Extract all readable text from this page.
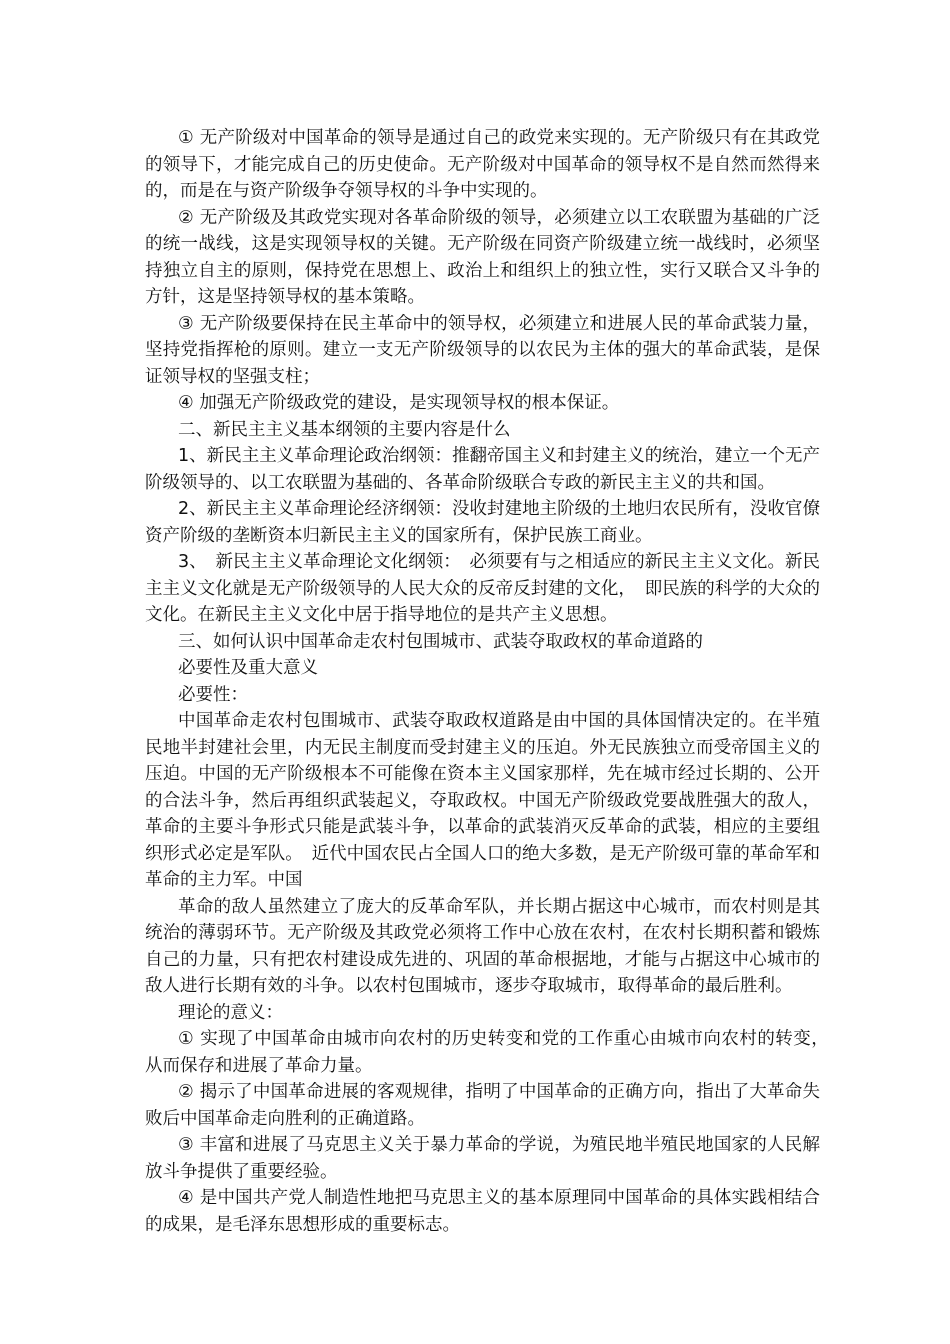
① 无产阶级对中国革命的领导是通过自己的政党来实现的。无产阶级只有在其政党的领导下，才能完成自己的历史使命。无产阶级对中国革命的领导权不是自然而然得来的，而是在与资产阶级争夺领导权的斗争中实现的。

② 无产阶级及其政党实现对各革命阶级的领导，必须建立以工农联盟为基础的广泛的统一战线，这是实现领导权的关键。无产阶级在同资产阶级建立统一战线时，必须坚持独立自主的原则，保持党在思想上、政治上和组织上的独立性，实行又联合又斗争的方针，这是坚持领导权的基本策略。

③ 无产阶级要保持在民主革命中的领导权，必须建立和进展人民的革命武装力量，坚持党指挥枪的原则。建立一支无产阶级领导的以农民为主体的强大的革命武装，是保证领导权的坚强支柱；

④ 加强无产阶级政党的建设，是实现领导权的根本保证。

二、新民主主义基本纲领的主要内容是什么

1、新民主主义革命理论政治纲领：推翻帝国主义和封建主义的统治，建立一个无产阶级领导的、以工农联盟为基础的、各革命阶级联合专政的新民主主义的共和国。

2、新民主主义革命理论经济纲领：没收封建地主阶级的土地归农民所有，没收官僚资产阶级的垄断资本归新民主主义的国家所有，保护民族工商业。

3、　新民主主义革命理论文化纲领：　必须要有与之相适应的新民主主义文化。新民主主义文化就是无产阶级领导的人民大众的反帝反封建的文化，　即民族的科学的大众的文化。在新民主主义文化中居于指导地位的是共产主义思想。

三、如何认识中国革命走农村包围城市、武装夺取政权的革命道路的

必要性及重大意义

必要性：

中国革命走农村包围城市、武装夺取政权道路是由中国的具体国情决定的。在半殖民地半封建社会里，内无民主制度而受封建主义的压迫。外无民族独立而受帝国主义的压迫。中国的无产阶级根本不可能像在资本主义国家那样，先在城市经过长期的、公开的合法斗争，然后再组织武装起义，夺取政权。中国无产阶级政党要战胜强大的敌人，革命的主要斗争形式只能是武装斗争，以革命的武装消灭反革命的武装，相应的主要组织形式必定是军队。　近代中国农民占全国人口的绝大多数，是无产阶级可靠的革命军和革命的主力军。中国

革命的敌人虽然建立了庞大的反革命军队，并长期占据这中心城市，而农村则是其统治的薄弱环节。无产阶级及其政党必须将工作中心放在农村，在农村长期积蓄和锻炼自己的力量，只有把农村建设成先进的、巩固的革命根据地，才能与占据这中心城市的敌人进行长期有效的斗争。以农村包围城市，逐步夺取城市，取得革命的最后胜利。

理论的意义：

① 实现了中国革命由城市向农村的历史转变和党的工作重心由城市向农村的转变，　从而保存和进展了革命力量。

② 揭示了中国革命进展的客观规律，指明了中国革命的正确方向，指出了大革命失败后中国革命走向胜利的正确道路。

③ 丰富和进展了马克思主义关于暴力革命的学说，为殖民地半殖民地国家的人民解放斗争提供了重要经验。

④ 是中国共产党人制造性地把马克思主义的基本原理同中国革命的具体实践相结合的成果，是毛泽东思想形成的重要标志。
